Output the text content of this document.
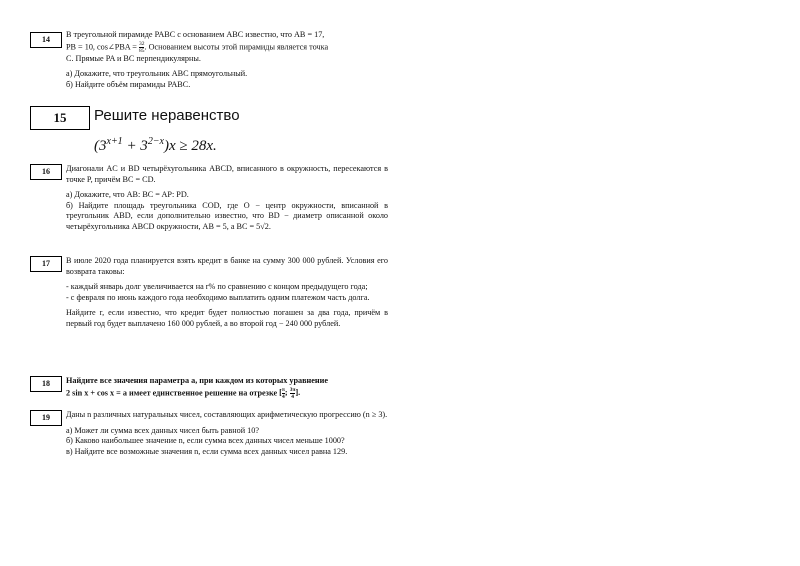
14

В треугольной пирамиде PABC с основанием ABC известно, что AB = 17,

PB = 10, cos∠PBA = $\frac{32}{85}$ . Основанием высоты этой пирамиды является точка

C. Прямые PA и BC перпендикулярны.

а) Докажите, что треугольник ABC прямоугольный.

б) Найдите объём пирамиды PABC.

15	Решите неравенство
$(3^{x+1} + 3^{2-x})x \ge 28x$.
16	Диагонали AC и BD четырёхугольника ABCD, вписанного в окружность, пересекаются в точке P, причём BC = CD.

а) Докажите, что AB: BC = AP: PD.

б) Найдите площадь треугольника COD, где O − центр окружности, вписанной в треугольник ABD, если дополнительно известно, что BD − диаметр описанной около четырёхугольника ABCD окружности, AB = 5, а BC = 5√2.

17	В июле 2020 года планируется взять кредит в банке на сумму 300 000 рублей. Условия его возврата таковы:

- каждый январь долг увеличивается на r% по сравнению с концом предыдущего года;

- с февраля по июнь каждого года необходимо выплатить одним платежом часть долга.

Найдите r, если известно, что кредит будет полностью погашен за два года, причём в первый год будет выплачено 160 000 рублей, а во второй год − 240 000 рублей.

18	Найдите все значения параметра a, при каждом из которых уравнение

2 sin x + cos x = a имеет единственное решение на отрезке [ $\frac{\pi}{4}$ ; $\frac{3\pi}{4}$ ].

19	Даны n различных натуральных чисел, составляющих арифметическую прогрессию (n ≥ 3).

а) Может ли сумма всех данных чисел быть равной 10?

б) Каково наибольшее значение n, если сумма всех данных чисел меньше 1000?

в) Найдите все возможные значения n, если сумма всех данных чисел равна 129.
